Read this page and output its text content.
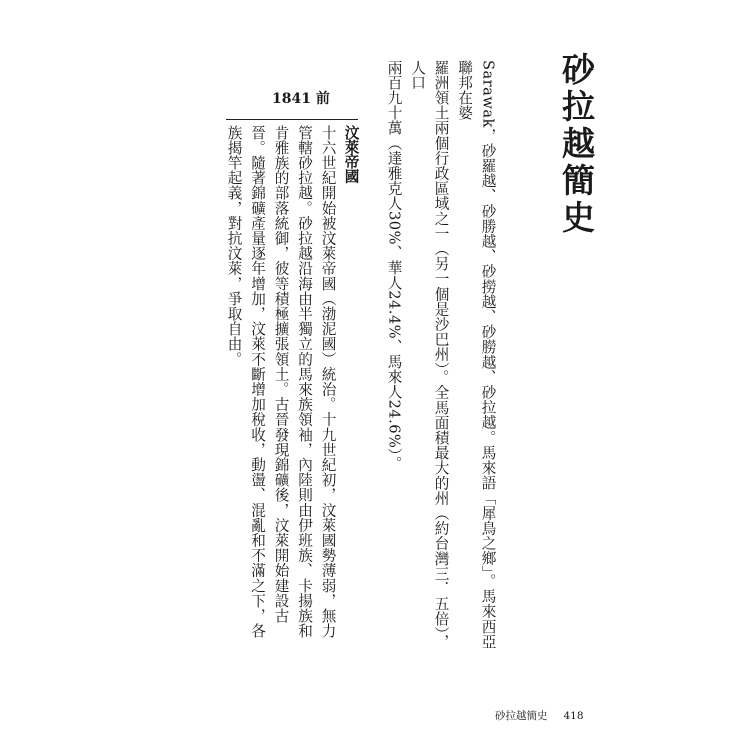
砂拉越簡史

Sarawak，砂羅越、砂勝越、砂撈越、砂朥越、砂拉越。馬來語「犀鳥之鄉」。馬來西亞聯邦在婆

羅洲領土兩個行政區域之一（另一個是沙巴州）。全馬面積最大的州（約台灣三．五倍），人口

兩百九十萬（達雅克人30%、華人24.4%、馬來人24.6%）。

1841 前

汶萊帝國

十六世紀開始被汶萊帝國（渤泥國）統治。十九世紀初，汶萊國勢薄弱，無力管轄砂拉越。砂拉越沿海由半獨立的馬來族領袖，內陸則由伊班族、卡揚族和肯雅族的部落統御，彼等積極擴張領土。古晉發現錦礦後，汶萊開始建設古晉。隨著錦礦產量逐年增加，汶萊不斷增加稅收，動盪、混亂和不滿之下，各族揭竿起義，對抗汶萊，爭取自由。

砂拉越簡史 418
